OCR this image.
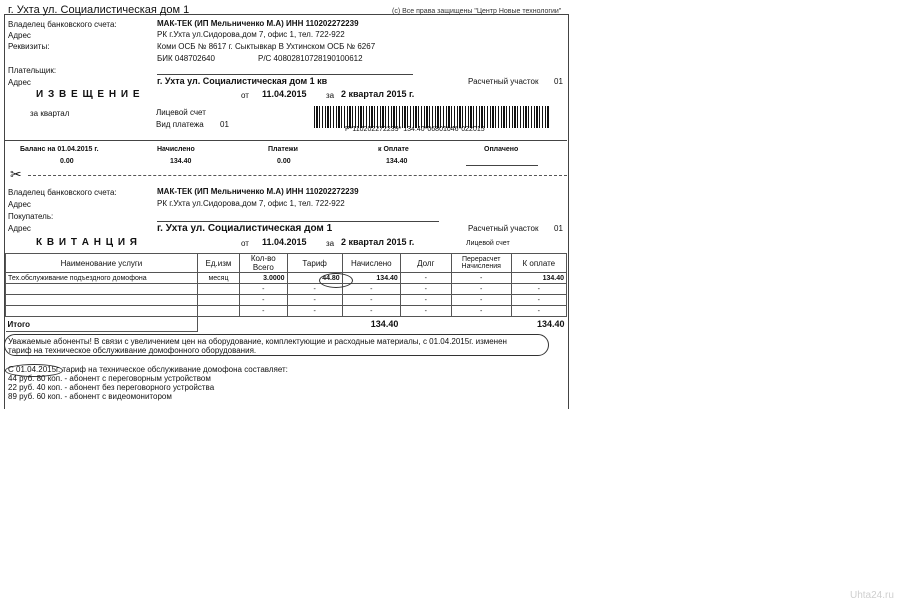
г. Ухта ул. Социалистическая дом 1	(с) Все права защищены "Центр Новые технологии"
Владелец банковского счета:	МАК-ТЕК (ИП Мельниченко М.А) ИНН 110202272239
Адрес	РК г.Ухта ул.Сидорова,дом 7, офис 1, тел. 722-922
Реквизиты:	Коми ОСБ № 8617 г. Сыктывкар В Ухтинском ОСБ № 6267
БИК 048702640	Р/С 40802810728190100612
Плательщик:
Адрес	г. Ухта ул. Социалистическая дом 1 кв	Расчетный участок 01
И З В Е Щ Е Н И Е	от 11.04.2015 за 2 квартал 2015 г.
за квартал	Лицевой счет
Вид платежа 01
Р*110202272239* 134.40*06801046*022015
Баланс на 01.04.2015 г.	Начислено	Платежи	к Оплате	Оплачено
0.00	134.40	0.00	134.40
✂
Владелец банковского счета:	МАК-ТЕК (ИП Мельниченко М.А) ИНН 110202272239
Адрес	РК г.Ухта ул.Сидорова,дом 7, офис 1, тел. 722-922
Покупатель:
Адрес	г. Ухта ул. Социалистическая дом 1	Расчетный участок 01
К В И Т А Н Ц И Я	от 11.04.2015 за 2 квартал 2015 г.	Лицевой счет
Наименование услуги	Ед.изм	Кол-во Всего	Тариф	Начислено	Долг	Перерасчет Начисления	К оплате
Тех.обслуживание подъездного домофона	месяц	3.0000	44.80	134.40	-	-	134.40
		-	-	-	-	-	-
		-	-	-	-	-	-
		-	-	-	-	-	-
Итого				134.40			134.40
Уважаемые абоненты! В связи с увеличением цен на оборудование, комплектующие и расходные материалы, с 01.04.2015г. изменен
тариф на техническое обслуживание домофонного оборудования.
С 01.04.2015г. тариф на техническое обслуживание домофона составляет:
44 руб. 80 коп. - абонент с переговорным устройством
22 руб. 40 коп. - абонент без переговорного устройства
89 руб. 60 коп. - абонент с видеомонитором
Uhta24.ru
